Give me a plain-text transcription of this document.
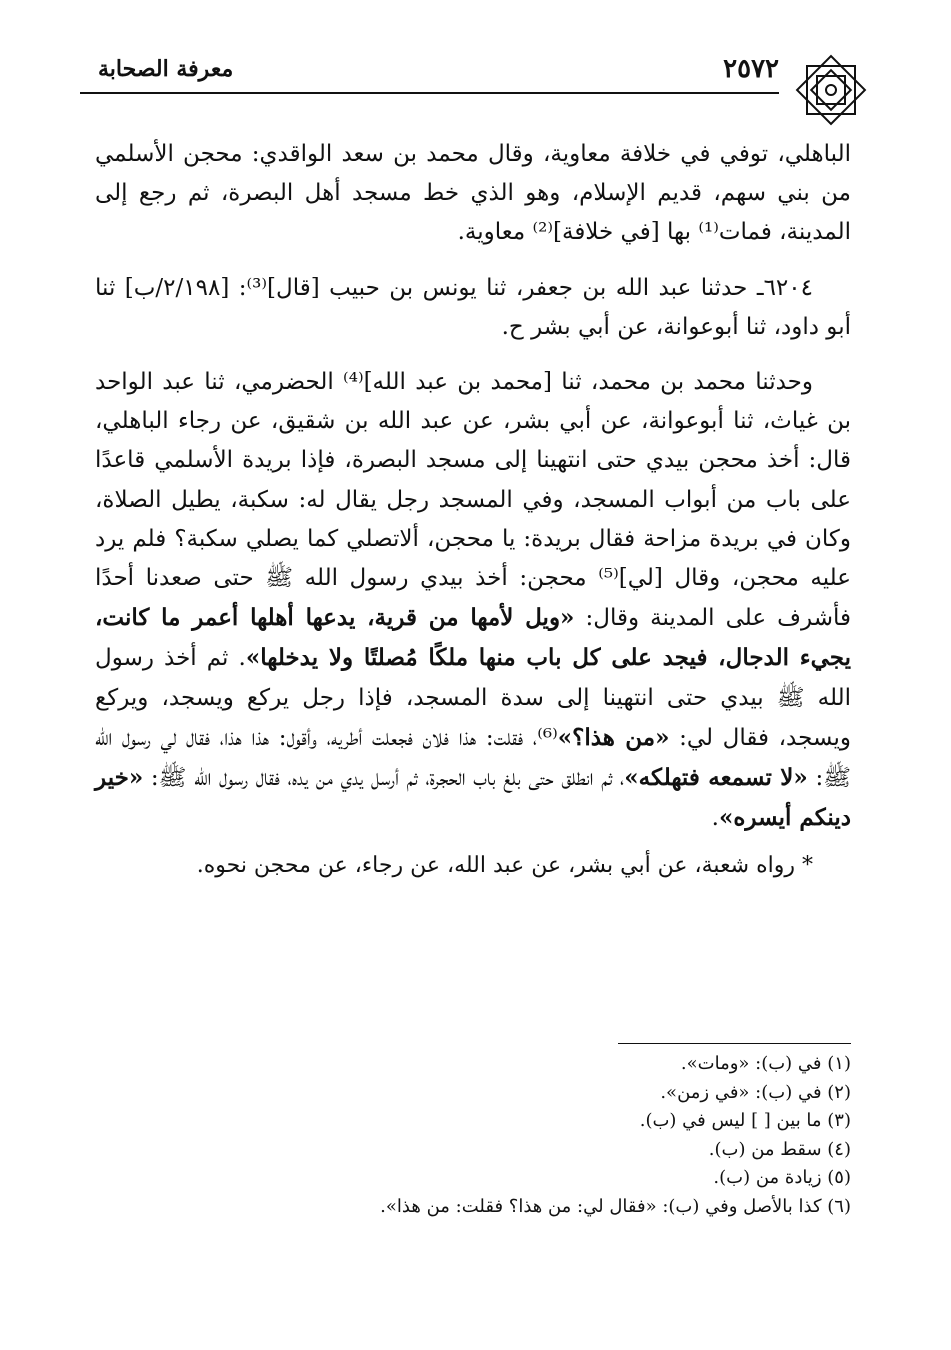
معرفة الصحابة	٢٥٧٢

الباهلي، توفي في خلافة معاوية، وقال محمد بن سعد الواقدي: محجن الأسلمي من بني سهم، قديم الإسلام، وهو الذي خط مسجد أهل البصرة، ثم رجع إلى المدينة، فمات⁽¹⁾ بها [في خلافة]⁽²⁾ معاوية.

٦٢٠٤ـ حدثنا عبد الله بن جعفر، ثنا يونس بن حبيب [قال]⁽³⁾: [٢/١٩٨/ب] ثنا أبو داود، ثنا أبوعوانة، عن أبي بشر ح.

وحدثنا محمد بن محمد، ثنا [محمد بن عبد الله]⁽⁴⁾ الحضرمي، ثنا عبد الواحد بن غياث، ثنا أبوعوانة، عن أبي بشر، عن عبد الله بن شقيق، عن رجاء الباهلي، قال: أخذ محجن بيدي حتى انتهينا إلى مسجد البصرة، فإذا بريدة الأسلمي قاعدًا على باب من أبواب المسجد، وفي المسجد رجل يقال له: سكبة، يطيل الصلاة، وكان في بريدة مزاحة فقال بريدة: يا محجن، ألاتصلي كما يصلي سكبة؟ فلم يرد عليه محجن، وقال [لي]⁽⁵⁾ محجن: أخذ بيدي رسول الله ﷺ حتى صعدنا أحدًا فأشرف على المدينة وقال: «ويل لأمها من قرية، يدعها أهلها أعمر ما كانت، يجيء الدجال، فيجد على كل باب منها ملكًا مُصلتًا ولا يدخلها». ثم أخذ رسول الله ﷺ بيدي حتى انتهينا إلى سدة المسجد، فإذا رجل يركع ويسجد، ويركع ويسجد، فقال لي: «من هذا؟»⁽⁶⁾، فقلت: هذا فلان فجعلت أطريه، وأقول: هذا هذا، فقال لي رسول الله ﷺ: «لا تسمعه فتهلكه»، ثم انطلق حتى بلغ باب الحجرة، ثم أرسل يدي من يده، فقال رسول الله ﷺ: «خير دينكم أيسره».

* رواه شعبة، عن أبي بشر، عن عبد الله، عن رجاء، عن محجن نحوه.

(١) في (ب): «ومات».

(٢) في (ب): «في زمن».

(٣) ما بين [ ] ليس في (ب).

(٤) سقط من (ب).

(٥) زيادة من (ب).

(٦) كذا بالأصل وفي (ب): «فقال لي: من هذا؟ فقلت: من هذا».
